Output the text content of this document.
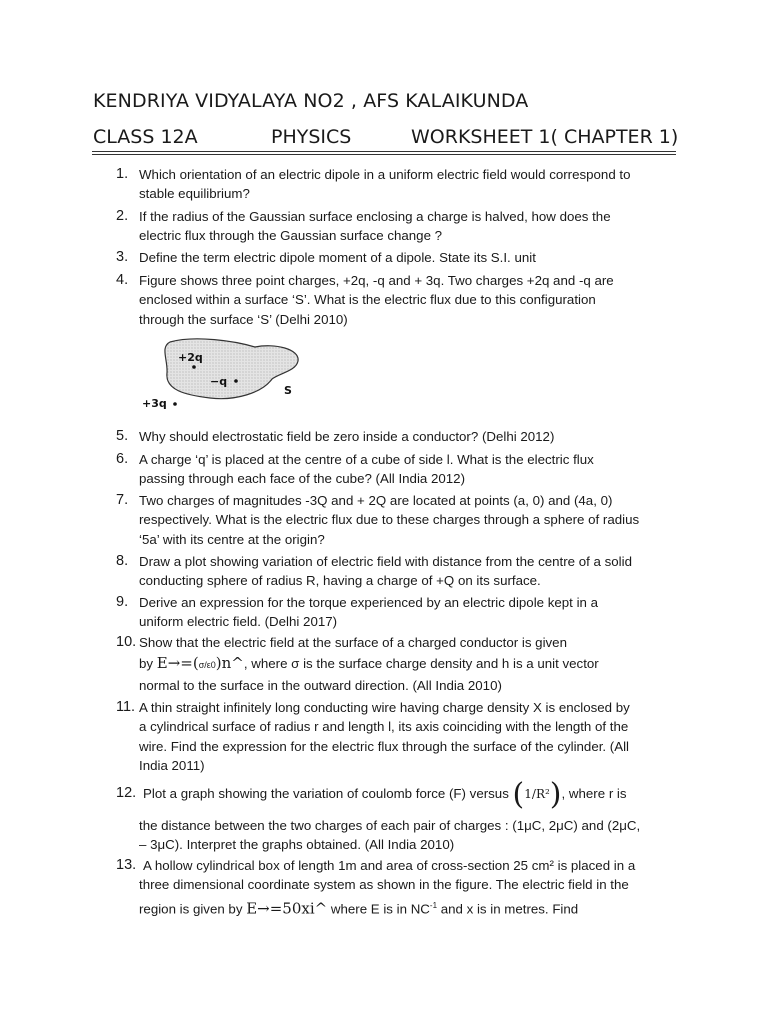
KENDRIYA VIDYALAYA NO2 , AFS KALAIKUNDA
CLASS 12A	PHYSICS	WORKSHEET 1( CHAPTER 1)
1. Which orientation of an electric dipole in a uniform electric field would correspond to
stable equilibrium?
2. If the radius of the Gaussian surface enclosing a charge is halved, how does the
electric flux through the Gaussian surface change ?
3. Define the term electric dipole moment of a dipole. State its S.I. unit
4. Figure shows three point charges, +2q, -q and + 3q. Two charges +2q and -q are
enclosed within a surface ‘S’. What is the electric flux due to this configuration
through the surface ‘S’ (Delhi 2010)
+2q
−q
S
+3q
5. Why should electrostatic field be zero inside a conductor? (Delhi 2012)
6. A charge ‘q’ is placed at the centre of a cube of side l. What is the electric flux
passing through each face of the cube? (All India 2012)
7. Two charges of magnitudes -3Q and + 2Q are located at points (a, 0) and (4a, 0)
respectively. What is the electric flux due to these charges through a sphere of radius
‘5a’ with its centre at the origin?
8. Draw a plot showing variation of electric field with distance from the centre of a solid
conducting sphere of radius R, having a charge of +Q on its surface.
9. Derive an expression for the torque experienced by an electric dipole kept in a
uniform electric field. (Delhi 2017)
10. Show that the electric field at the surface of a charged conductor is given
by E→=(σ/ε0)n^, where σ is the surface charge density and h is a unit vector
normal to the surface in the outward direction. (All India 2010)
11. A thin straight infinitely long conducting wire having charge density X is enclosed by
a cylindrical surface of radius r and length l, its axis coinciding with the length of the
wire. Find the expression for the electric flux through the surface of the cylinder. (All
India 2011)
12. Plot a graph showing the variation of coulomb force (F) versus (1/R²), where r is
the distance between the two charges of each pair of charges : (1μC, 2μC) and (2μC,
– 3μC). Interpret the graphs obtained. (All India 2010)
13. A hollow cylindrical box of length 1m and area of cross-section 25 cm² is placed in a
three dimensional coordinate system as shown in the figure. The electric field in the
region is given by E→=50xi^ where E is in $NC^{-1}$ and x is in metres. Find
